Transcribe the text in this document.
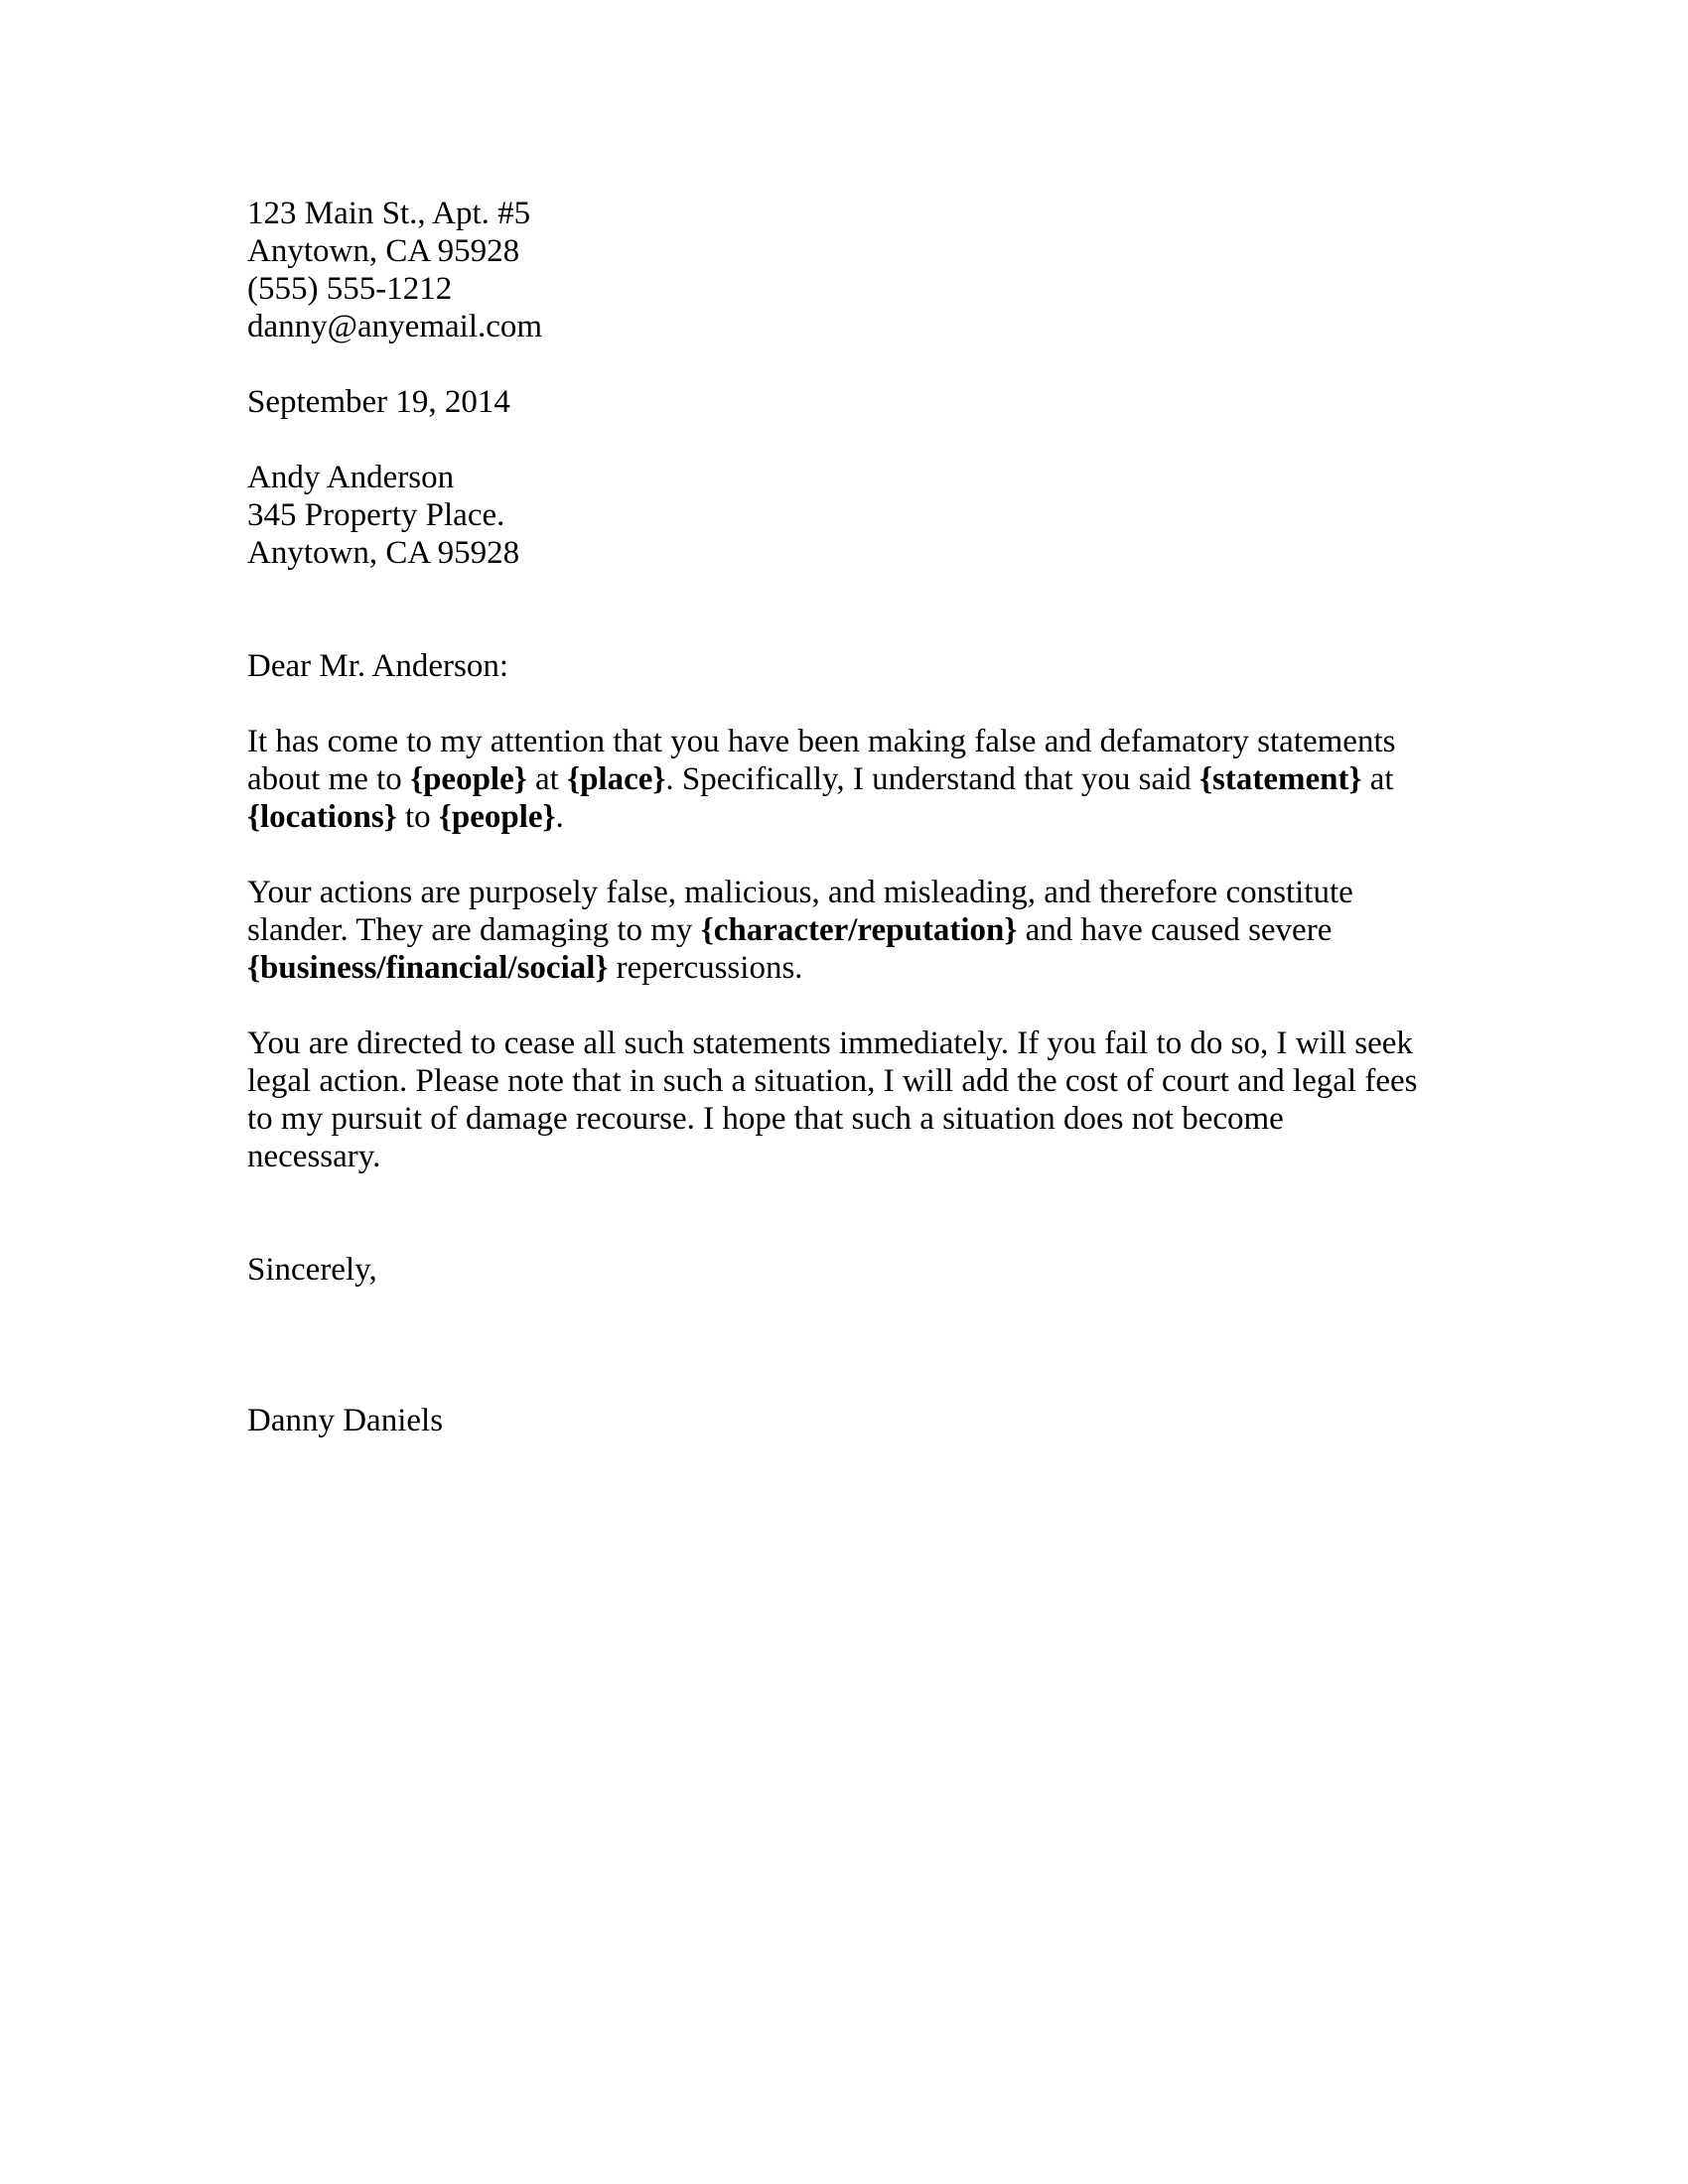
123 Main St., Apt. #5
Anytown, CA 95928
(555) 555-1212
danny@anyemail.com
September 19, 2014
Andy Anderson
345 Property Place.
Anytown, CA 95928
Dear Mr. Anderson:
It has come to my attention that you have been making false and defamatory statements
about me to {people} at {place}. Specifically, I understand that you said {statement} at
{locations} to {people}.
Your actions are purposely false, malicious, and misleading, and therefore constitute
slander. They are damaging to my {character/reputation} and have caused severe
{business/financial/social} repercussions.
You are directed to cease all such statements immediately. If you fail to do so, I will seek
legal action. Please note that in such a situation, I will add the cost of court and legal fees
to my pursuit of damage recourse. I hope that such a situation does not become
necessary.
Sincerely,
Danny Daniels
